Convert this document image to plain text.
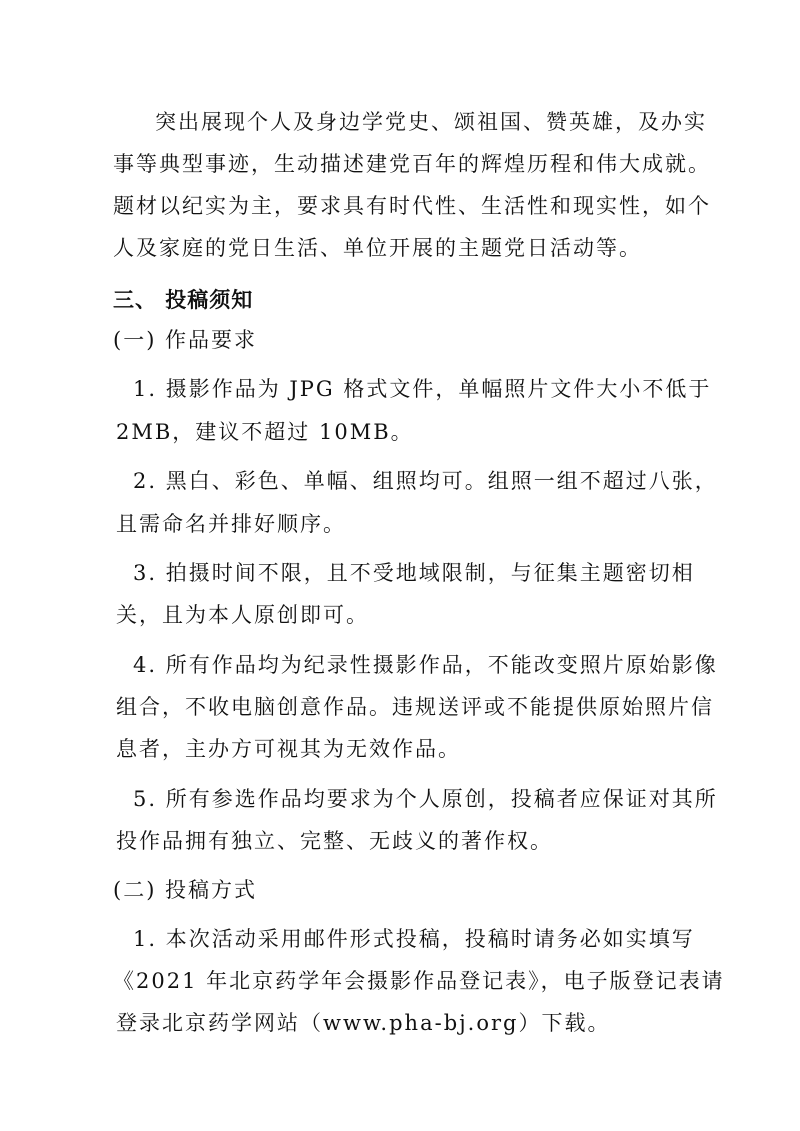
突出展现个人及身边学党史、颂祖国、赞英雄，及办实
事等典型事迹，生动描述建党百年的辉煌历程和伟大成就。
题材以纪实为主，要求具有时代性、生活性和现实性，如个
人及家庭的党日生活、单位开展的主题党日活动等。
三、 投稿须知
(一) 作品要求
1. 摄影作品为 JPG 格式文件，单幅照片文件大小不低于
2MB，建议不超过 10MB。
2. 黑白、彩色、单幅、组照均可。组照一组不超过八张，
且需命名并排好顺序。
3. 拍摄时间不限，且不受地域限制，与征集主题密切相
关，且为本人原创即可。
4. 所有作品均为纪录性摄影作品，不能改变照片原始影像
组合，不收电脑创意作品。违规送评或不能提供原始照片信
息者，主办方可视其为无效作品。
5. 所有参选作品均要求为个人原创，投稿者应保证对其所
投作品拥有独立、完整、无歧义的著作权。
(二) 投稿方式
1. 本次活动采用邮件形式投稿，投稿时请务必如实填写
《2021 年北京药学年会摄影作品登记表》，电子版登记表请
登录北京药学网站（www.pha-bj.org）下载。
